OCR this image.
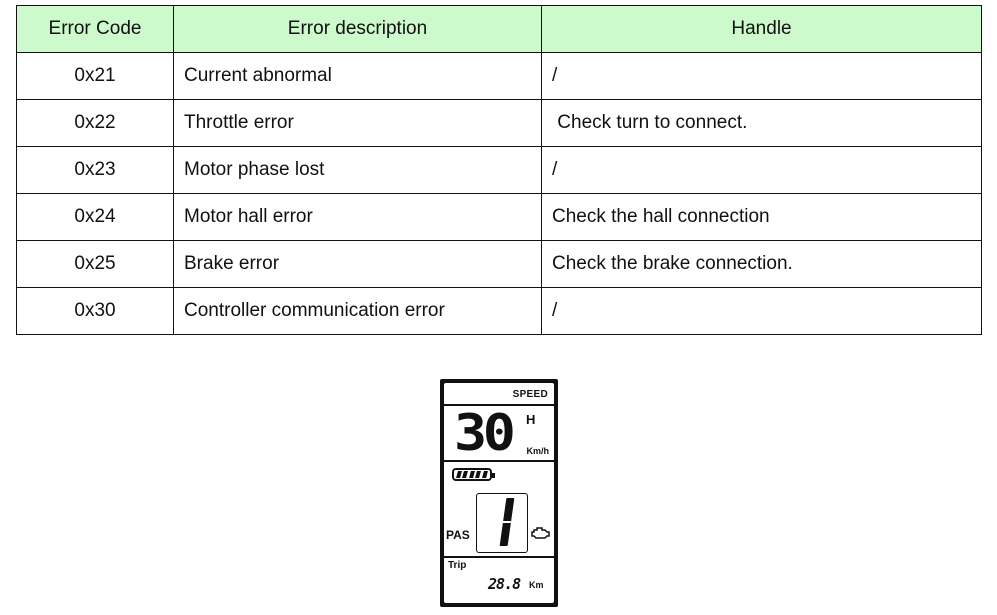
Error Code	Error description	Handle
0x21	Current abnormal	/
0x22	Throttle error	Check turn to connect.
0x23	Motor phase lost	/
0x24	Motor hall error	Check the hall connection
0x25	Brake error	Check the brake connection.
0x30	Controller communication error	/
SPEED
30 H
Km/h
PAS
Trip
28.8 Km
